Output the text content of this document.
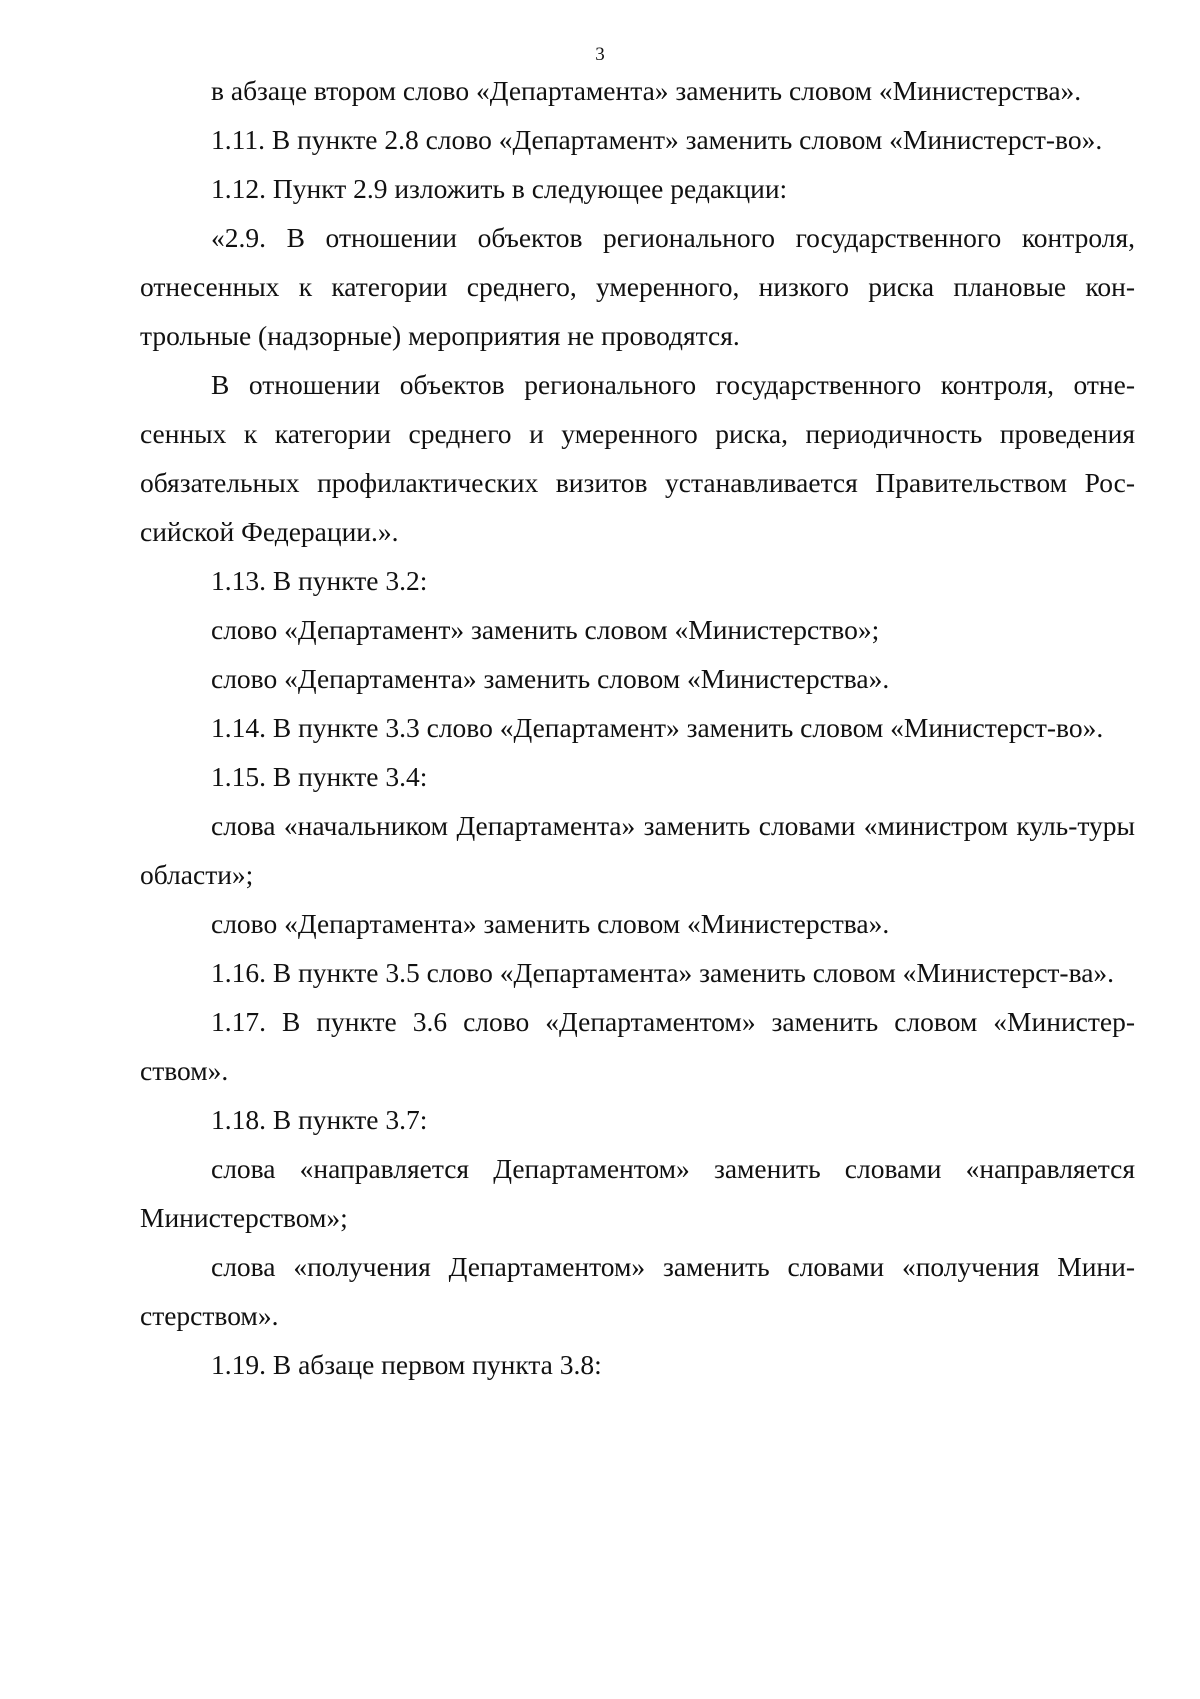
3

в абзаце втором слово «Департамента» заменить словом «Министерства».

1.11. В пункте 2.8 слово «Департамент» заменить словом «Министерст-во».

1.12. Пункт 2.9 изложить в следующее редакции:

«2.9. В отношении объектов регионального государственного контроля, отнесенных к категории среднего, умеренного, низкого риска плановые кон-трольные (надзорные) мероприятия не проводятся.

В отношении объектов регионального государственного контроля, отне-сенных к категории среднего и умеренного риска, периодичность проведения обязательных профилактических визитов устанавливается Правительством Рос-сийской Федерации.».

1.13. В пункте 3.2:

слово «Департамент» заменить словом «Министерство»;

слово «Департамента» заменить словом «Министерства».

1.14. В пункте 3.3 слово «Департамент» заменить словом «Министерст-во».

1.15. В пункте 3.4:

слова «начальником Департамента» заменить словами «министром куль-туры области»;

слово «Департамента» заменить словом «Министерства».

1.16. В пункте 3.5 слово «Департамента» заменить словом «Министерст-ва».

1.17. В пункте 3.6 слово «Департаментом» заменить словом «Министер-ством».

1.18. В пункте 3.7:

слова «направляется Департаментом» заменить словами «направляется Министерством»;

слова «получения Департаментом» заменить словами «получения Мини-стерством».

1.19. В абзаце первом пункта 3.8:
